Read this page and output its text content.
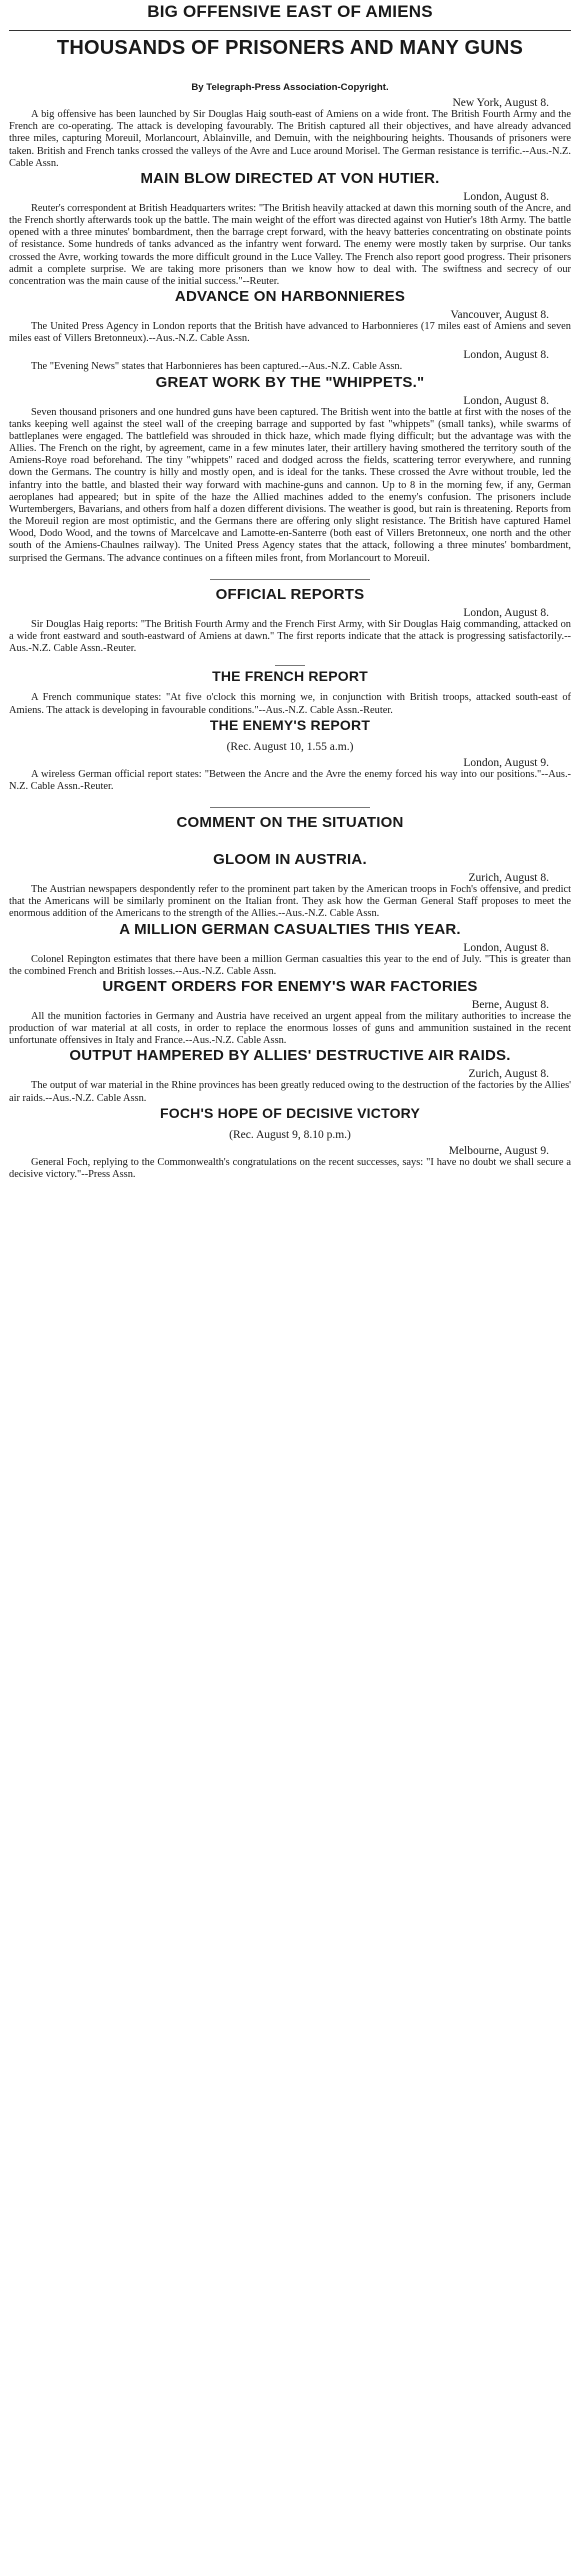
BIG OFFENSIVE EAST OF AMIENS
THOUSANDS OF PRISONERS AND MANY GUNS
By Telegraph-Press Association-Copyright.
New York, August 8.

A big offensive has been launched by Sir Douglas Haig south-east of Amiens on a wide front. The British Fourth Army and the French are co-operating. The attack is developing favourably. The British captured all their objectives, and have already advanced three miles, capturing Moreuil, Morlancourt, Ablainville, and Demuin, with the neighbouring heights. Thousands of prisoners were taken. British and French tanks crossed the valleys of the Avre and Luce around Morisel. The German resistance is terrific.--Aus.-N.Z. Cable Assn.

MAIN BLOW DIRECTED AT VON HUTIER.
London, August 8.

Reuter's correspondent at British Headquarters writes: "The British heavily attacked at dawn this morning south of the Ancre, and the French shortly afterwards took up the battle. The main weight of the effort was directed against von Hutier's 18th Army. The battle opened with a three minutes' bombardment, then the barrage crept forward, with the heavy batteries concentrating on obstinate points of resistance. Some hundreds of tanks advanced as the infantry went forward. The enemy were mostly taken by surprise. Our tanks crossed the Avre, working towards the more difficult ground in the Luce Valley. The French also report good progress. Their prisoners admit a complete surprise. We are taking more prisoners than we know how to deal with. The swiftness and secrecy of our concentration was the main cause of the initial success."--Reuter.

ADVANCE ON HARBONNIERES
Vancouver, August 8.

The United Press Agency in London reports that the British have advanced to Harbonnieres (17 miles east of Amiens and seven miles east of Villers Bretonneux).--Aus.-N.Z. Cable Assn.

London, August 8.

The "Evening News" states that Harbonnieres has been captured.--Aus.-N.Z. Cable Assn.

GREAT WORK BY THE "WHIPPETS."
London, August 8.

Seven thousand prisoners and one hundred guns have been captured. The British went into the battle at first with the noses of the tanks keeping well against the steel wall of the creeping barrage and supported by fast "whippets" (small tanks), while swarms of battleplanes were engaged. The battlefield was shrouded in thick haze, which made flying difficult; but the advantage was with the Allies. The French on the right, by agreement, came in a few minutes later, their artillery having smothered the territory south of the Amiens-Roye road beforehand. The tiny "whippets" raced and dodged across the fields, scattering terror everywhere, and running down the Germans. The country is hilly and mostly open, and is ideal for the tanks. These crossed the Avre without trouble, led the infantry into the battle, and blasted their way forward with machine-guns and cannon. Up to 8 in the morning few, if any, German aeroplanes had appeared; but in spite of the haze the Allied machines added to the enemy's confusion. The prisoners include Wurtembergers, Bavarians, and others from half a dozen different divisions. The weather is good, but rain is threatening. Reports from the Moreuil region are most optimistic, and the Germans there are offering only slight resistance. The British have captured Hamel Wood, Dodo Wood, and the towns of Marcelcave and Lamotte-en-Santerre (both east of Villers Bretonneux, one north and the other south of the Amiens-Chaulnes railway). The United Press Agency states that the attack, following a three minutes' bombardment, surprised the Germans. The advance continues on a fifteen miles front, from Morlancourt to Moreuil.

OFFICIAL REPORTS
London, August 8.

Sir Douglas Haig reports: "The British Fourth Army and the French First Army, with Sir Douglas Haig commanding, attacked on a wide front eastward and south-eastward of Amiens at dawn." The first reports indicate that the attack is progressing satisfactorily.--Aus.-N.Z. Cable Assn.-Reuter.

THE FRENCH REPORT

A French communique states: "At five o'clock this morning we, in conjunction with British troops, attacked south-east of Amiens. The attack is developing in favourable conditions."--Aus.-N.Z. Cable Assn.-Reuter.

THE ENEMY'S REPORT
(Rec. August 10, 1.55 a.m.)
London, August 9.

A wireless German official report states: "Between the Ancre and the Avre the enemy forced his way into our positions."--Aus.-N.Z. Cable Assn.-Reuter.

COMMENT ON THE SITUATION
GLOOM IN AUSTRIA.
Zurich, August 8.

The Austrian newspapers despondently refer to the prominent part taken by the American troops in Foch's offensive, and predict that the Americans will be similarly prominent on the Italian front. They ask how the German General Staff proposes to meet the enormous addition of the Americans to the strength of the Allies.--Aus.-N.Z. Cable Assn.

A MILLION GERMAN CASUALTIES THIS YEAR.
London, August 8.

Colonel Repington estimates that there have been a million German casualties this year to the end of July. "This is greater than the combined French and British losses.--Aus.-N.Z. Cable Assn.

URGENT ORDERS FOR ENEMY'S WAR FACTORIES
Berne, August 8.

All the munition factories in Germany and Austria have received an urgent appeal from the military authorities to increase the production of war material at all costs, in order to replace the enormous losses of guns and ammunition sustained in the recent unfortunate offensives in Italy and France.--Aus.-N.Z. Cable Assn.

OUTPUT HAMPERED BY ALLIES' DESTRUCTIVE AIR RAIDS.
Zurich, August 8.

The output of war material in the Rhine provinces has been greatly reduced owing to the destruction of the factories by the Allies' air raids.--Aus.-N.Z. Cable Assn.

FOCH'S HOPE OF DECISIVE VICTORY
(Rec. August 9, 8.10 p.m.)
Melbourne, August 9.

General Foch, replying to the Commonwealth's congratulations on the recent successes, says: "I have no doubt we shall secure a decisive victory."--Press Assn.
